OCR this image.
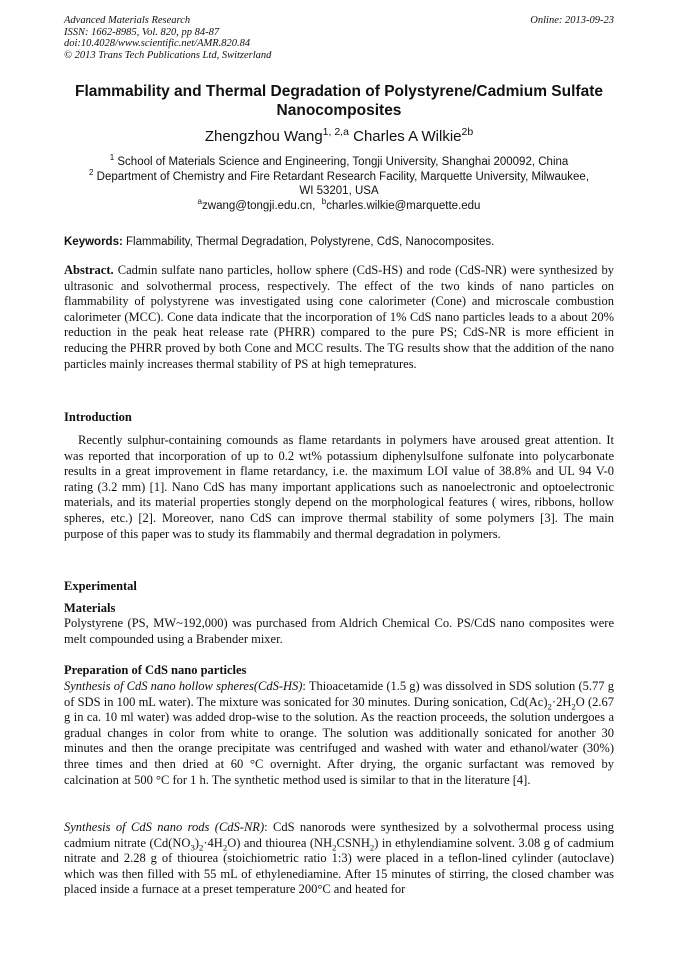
Advanced Materials Research
ISSN: 1662-8985, Vol. 820, pp 84-87
doi:10.4028/www.scientific.net/AMR.820.84
© 2013 Trans Tech Publications Ltd, Switzerland
Online: 2013-09-23
Flammability and Thermal Degradation of Polystyrene/Cadmium Sulfate Nanocomposites
Zhengzhou Wang$^{1, 2,a}$ Charles A Wilkie$^{2b}$
$^1$ School of Materials Science and Engineering, Tongji University, Shanghai 200092, China
$^2$ Department of Chemistry and Fire Retardant Research Facility, Marquette University, Milwaukee,
WI 53201, USA
$^a$zwang@tongji.edu.cn, $^b$charles.wilkie@marquette.edu
Keywords: Flammability, Thermal Degradation, Polystyrene, CdS, Nanocomposites.
Abstract. Cadmin sulfate nano particles, hollow sphere (CdS-HS) and rode (CdS-NR) were synthesized by ultrasonic and solvothermal process, respectively. The effect of the two kinds of nano particles on flammability of polystyrene was investigated using cone calorimeter (Cone) and microscale combustion calorimeter (MCC). Cone data indicate that the incorporation of 1% CdS nano particles leads to a about 20% reduction in the peak heat release rate (PHRR) compared to the pure PS; CdS-NR is more efficient in reducing the PHRR proved by both Cone and MCC results. The TG results show that the addition of the nano particles mainly increases thermal stability of PS at high temepratures.
Introduction
Recently sulphur-containing comounds as flame retardants in polymers have aroused great attention. It was reported that incorporation of up to 0.2 wt% potassium diphenylsulfone sulfonate into polycarbonate results in a great improvement in flame retardancy, i.e. the maximum LOI value of 38.8% and UL 94 V-0 rating (3.2 mm) [1]. Nano CdS has many important applications such as nanoelectronic and optoelectronic materials, and its material properties stongly depend on the morphological features ( wires, ribbons, hollow spheres, etc.) [2]. Moreover, nano CdS can improve thermal stability of some polymers [3]. The main purpose of this paper was to study its flammabily and thermal degradation in polymers.
Experimental
Materials
Polystyrene (PS, MW~192,000) was purchased from Aldrich Chemical Co. PS/CdS nano composites were melt compounded using a Brabender mixer.
Preparation of CdS nano particles
Synthesis of CdS nano hollow spheres(CdS-HS): Thioacetamide (1.5 g) was dissolved in SDS solution (5.77 g of SDS in 100 mL water). The mixture was sonicated for 30 minutes. During sonication, $Cd(Ac)_2\cdot 2H_2O$ (2.67 g in ca. 10 ml water) was added drop-wise to the solution. As the reaction proceeds, the solution undergoes a gradual changes in color from white to orange. The solution was additionally sonicated for another 30 minutes and then the orange precipitate was centrifuged and washed with water and ethanol/water (30%) three times and then dried at 60 °C overnight. After drying, the organic surfactant was removed by calcination at 500 °C for 1 h. The synthetic method used is similar to that in the literature [4].
Synthesis of CdS nano rods (CdS-NR): CdS nanorods were synthesized by a solvothermal process using cadmium nitrate $(Cd(NO_3)_2\cdot 4H_2O)$ and thiourea $(NH_2CSNH_2)$ in ethylendiamine solvent. 3.08 g of cadmium nitrate and 2.28 g of thiourea (stoichiometric ratio 1:3) were placed in a teflon-lined cylinder (autoclave) which was then filled with 55 mL of ethylenediamine. After 15 minutes of stirring, the closed chamber was placed inside a furnace at a preset temperature 200°C and heated for
